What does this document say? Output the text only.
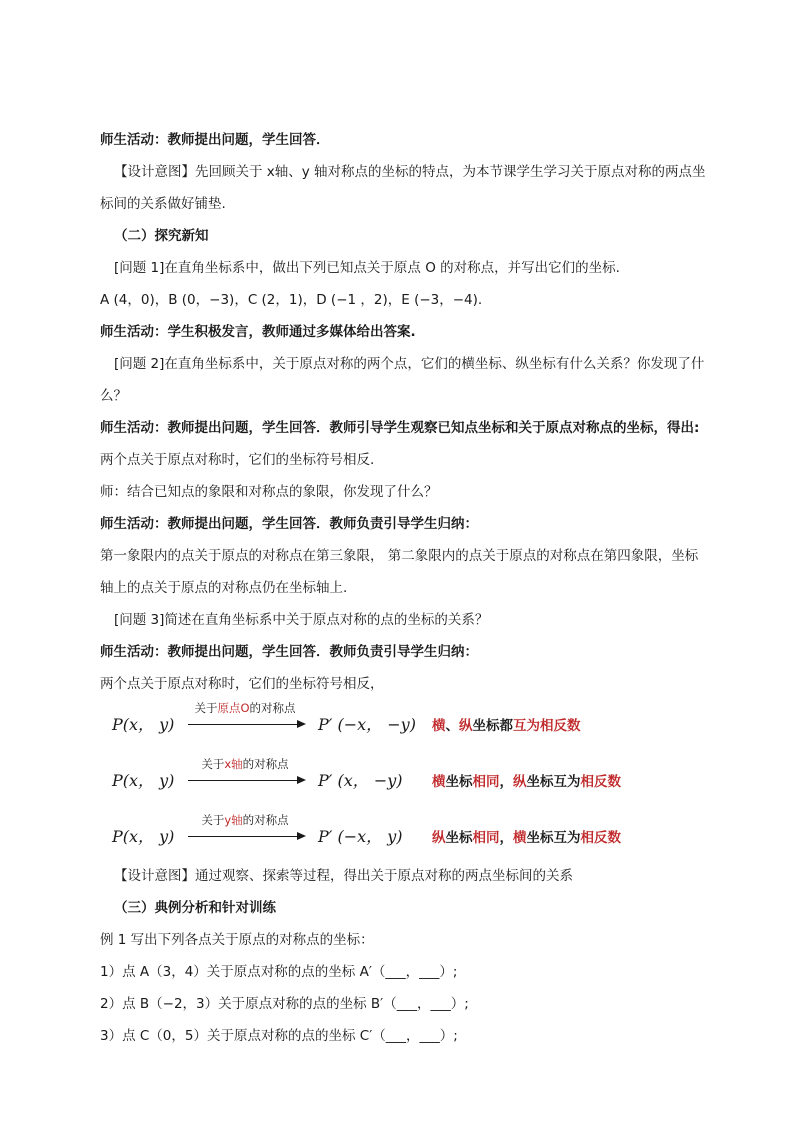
师生活动：教师提出问题，学生回答．
【设计意图】先回顾关于 x轴、y 轴对称点的坐标的特点，为本节课学生学习关于原点对称的两点坐
标间的关系做好铺垫.
（二）探究新知
[问题 1]在直角坐标系中，做出下列已知点关于原点 O 的对称点，并写出它们的坐标.
A (4，0)，B (0，−3)，C (2，1)，D (−1 ，2)，E (−3，−4).
师生活动：学生积极发言，教师通过多媒体给出答案.
[问题 2]在直角坐标系中，关于原点对称的两个点，它们的横坐标、纵坐标有什么关系？你发现了什
么？
师生活动：教师提出问题，学生回答．教师引导学生观察已知点坐标和关于原点对称点的坐标，得出:
两个点关于原点对称时，它们的坐标符号相反.
师：结合已知点的象限和对称点的象限，你发现了什么？
师生活动：教师提出问题，学生回答．教师负责引导学生归纳：
第一象限内的点关于原点的对称点在第三象限， 第二象限内的点关于原点的对称点在第四象限，坐标
轴上的点关于原点的对称点仍在坐标轴上.
[问题 3]简述在直角坐标系中关于原点对称的点的坐标的关系？
师生活动：教师提出问题，学生回答．教师负责引导学生归纳：
两个点关于原点对称时，它们的坐标符号相反，
P(x， y)
关于原点O的对称点
P′ (−x， −y) 横、纵坐标都互为相反数
P(x， y)
关于x轴的对称点
P′ (x， −y) 横坐标相同，纵坐标互为相反数
P(x， y)
关于y轴的对称点
P′ (−x， y) 纵坐标相同，横坐标互为相反数
【设计意图】通过观察、探索等过程，得出关于原点对称的两点坐标间的关系
（三）典例分析和针对训练
例 1 写出下列各点关于原点的对称点的坐标：
1）点 A（3，4）关于原点对称的点的坐标 A′（___，___）;
2）点 B（−2，3）关于原点对称的点的坐标 B′（___，___）;
3）点 C（0，5）关于原点对称的点的坐标 C′（___，___）;
